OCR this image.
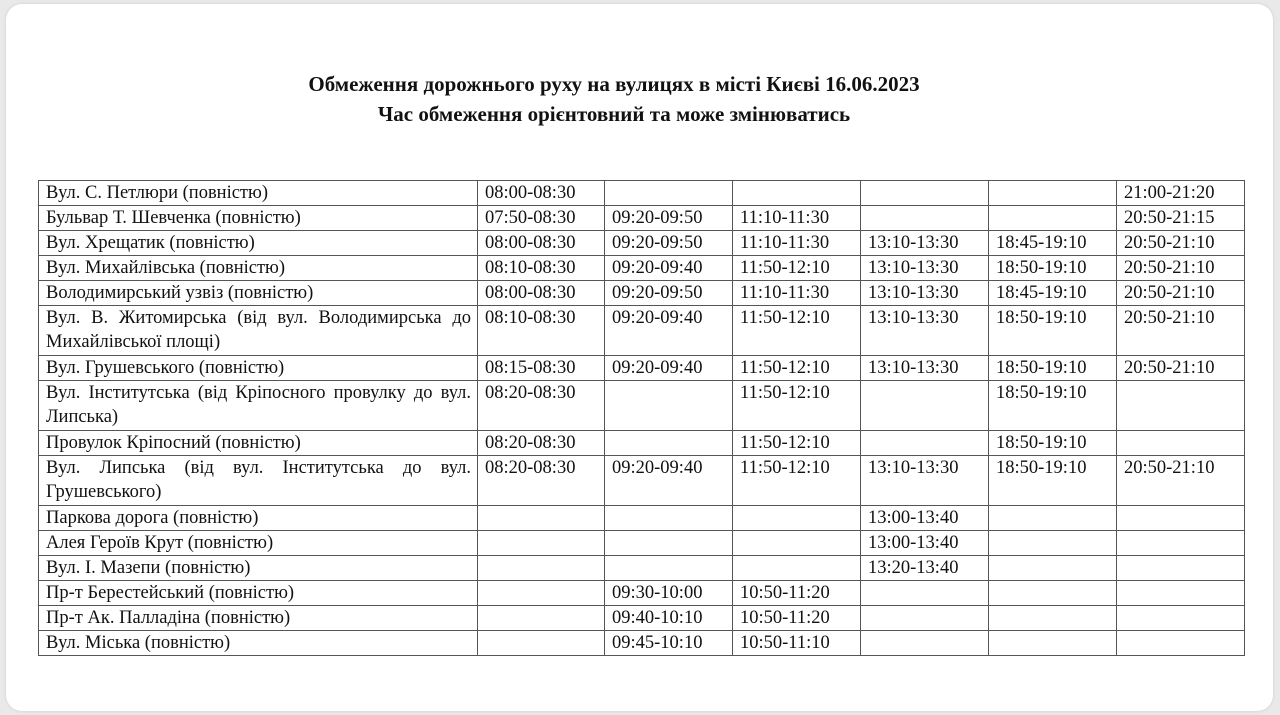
Обмеження дорожнього руху на вулицях в місті Києві 16.06.2023
Час обмеження орієнтовний та може змінюватись
Вул. С. Петлюри (повністю)	08:00-08:30					21:00-21:20
Бульвар Т. Шевченка (повністю)	07:50-08:30	09:20-09:50	11:10-11:30			20:50-21:15
Вул. Хрещатик (повністю)	08:00-08:30	09:20-09:50	11:10-11:30	13:10-13:30	18:45-19:10	20:50-21:10
Вул. Михайлівська (повністю)	08:10-08:30	09:20-09:40	11:50-12:10	13:10-13:30	18:50-19:10	20:50-21:10
Володимирський узвіз (повністю)	08:00-08:30	09:20-09:50	11:10-11:30	13:10-13:30	18:45-19:10	20:50-21:10
Вул. В. Житомирська (від вул. Володимирська до Михайлівської площі)	08:10-08:30	09:20-09:40	11:50-12:10	13:10-13:30	18:50-19:10	20:50-21:10
Вул. Грушевського (повністю)	08:15-08:30	09:20-09:40	11:50-12:10	13:10-13:30	18:50-19:10	20:50-21:10
Вул. Інститутська (від Кріпосного провулку до вул. Липська)	08:20-08:30		11:50-12:10		18:50-19:10	
Провулок Кріпосний (повністю)	08:20-08:30		11:50-12:10		18:50-19:10	
Вул. Липська (від вул. Інститутська до вул. Грушевського)	08:20-08:30	09:20-09:40	11:50-12:10	13:10-13:30	18:50-19:10	20:50-21:10
Паркова дорога (повністю)				13:00-13:40		
Алея Героїв Крут (повністю)				13:00-13:40		
Вул. І. Мазепи (повністю)				13:20-13:40		
Пр-т Берестейський (повністю)		09:30-10:00	10:50-11:20			
Пр-т Ак. Палладіна (повністю)		09:40-10:10	10:50-11:20			
Вул. Міська (повністю)		09:45-10:10	10:50-11:10			
